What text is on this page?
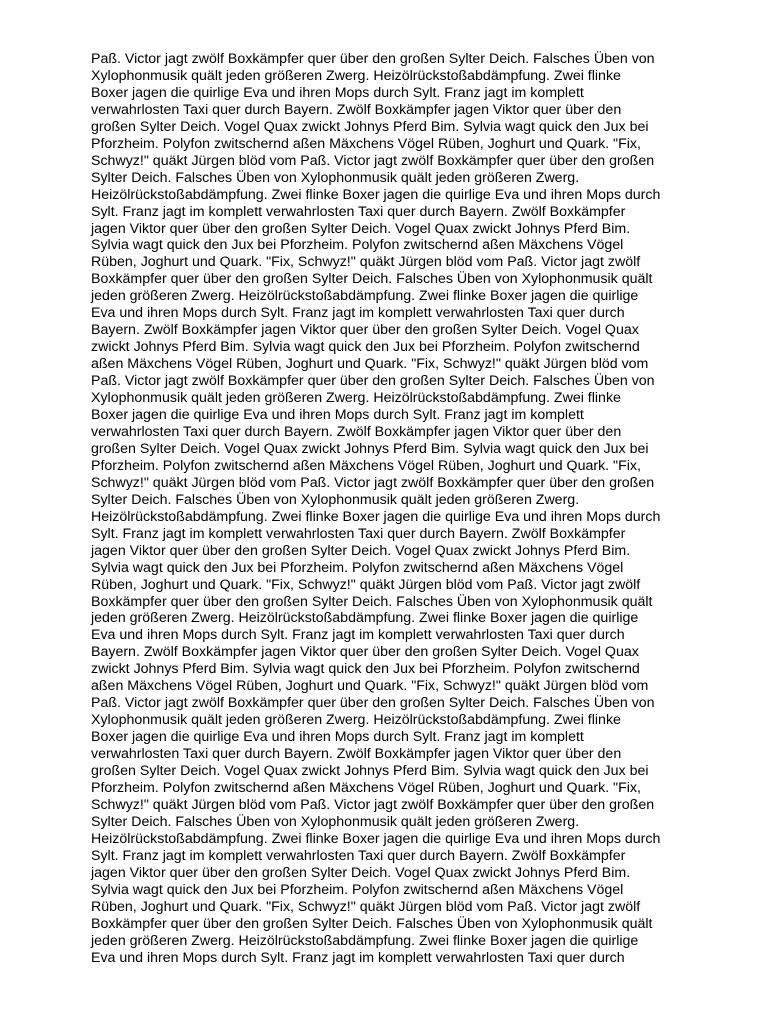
Paß. Victor jagt zwölf Boxkämpfer quer über den großen Sylter Deich. Falsches Üben von
Xylophonmusik quält jeden größeren Zwerg. Heizölrückstoßabdämpfung. Zwei flinke
Boxer jagen die quirlige Eva und ihren Mops durch Sylt. Franz jagt im komplett
verwahrlosten Taxi quer durch Bayern. Zwölf Boxkämpfer jagen Viktor quer über den
großen Sylter Deich. Vogel Quax zwickt Johnys Pferd Bim. Sylvia wagt quick den Jux bei
Pforzheim. Polyfon zwitschernd aßen Mäxchens Vögel Rüben, Joghurt und Quark. "Fix,
Schwyz!" quäkt Jürgen blöd vom Paß. Victor jagt zwölf Boxkämpfer quer über den großen
Sylter Deich. Falsches Üben von Xylophonmusik quält jeden größeren Zwerg.
Heizölrückstoßabdämpfung. Zwei flinke Boxer jagen die quirlige Eva und ihren Mops durch
Sylt. Franz jagt im komplett verwahrlosten Taxi quer durch Bayern. Zwölf Boxkämpfer
jagen Viktor quer über den großen Sylter Deich. Vogel Quax zwickt Johnys Pferd Bim.
Sylvia wagt quick den Jux bei Pforzheim. Polyfon zwitschernd aßen Mäxchens Vögel
Rüben, Joghurt und Quark. "Fix, Schwyz!" quäkt Jürgen blöd vom Paß. Victor jagt zwölf
Boxkämpfer quer über den großen Sylter Deich. Falsches Üben von Xylophonmusik quält
jeden größeren Zwerg. Heizölrückstoßabdämpfung. Zwei flinke Boxer jagen die quirlige
Eva und ihren Mops durch Sylt. Franz jagt im komplett verwahrlosten Taxi quer durch
Bayern. Zwölf Boxkämpfer jagen Viktor quer über den großen Sylter Deich. Vogel Quax
zwickt Johnys Pferd Bim. Sylvia wagt quick den Jux bei Pforzheim. Polyfon zwitschernd
aßen Mäxchens Vögel Rüben, Joghurt und Quark. "Fix, Schwyz!" quäkt Jürgen blöd vom
Paß. Victor jagt zwölf Boxkämpfer quer über den großen Sylter Deich. Falsches Üben von
Xylophonmusik quält jeden größeren Zwerg. Heizölrückstoßabdämpfung. Zwei flinke
Boxer jagen die quirlige Eva und ihren Mops durch Sylt. Franz jagt im komplett
verwahrlosten Taxi quer durch Bayern. Zwölf Boxkämpfer jagen Viktor quer über den
großen Sylter Deich. Vogel Quax zwickt Johnys Pferd Bim. Sylvia wagt quick den Jux bei
Pforzheim. Polyfon zwitschernd aßen Mäxchens Vögel Rüben, Joghurt und Quark. "Fix,
Schwyz!" quäkt Jürgen blöd vom Paß. Victor jagt zwölf Boxkämpfer quer über den großen
Sylter Deich. Falsches Üben von Xylophonmusik quält jeden größeren Zwerg.
Heizölrückstoßabdämpfung. Zwei flinke Boxer jagen die quirlige Eva und ihren Mops durch
Sylt. Franz jagt im komplett verwahrlosten Taxi quer durch Bayern. Zwölf Boxkämpfer
jagen Viktor quer über den großen Sylter Deich. Vogel Quax zwickt Johnys Pferd Bim.
Sylvia wagt quick den Jux bei Pforzheim. Polyfon zwitschernd aßen Mäxchens Vögel
Rüben, Joghurt und Quark. "Fix, Schwyz!" quäkt Jürgen blöd vom Paß. Victor jagt zwölf
Boxkämpfer quer über den großen Sylter Deich. Falsches Üben von Xylophonmusik quält
jeden größeren Zwerg. Heizölrückstoßabdämpfung. Zwei flinke Boxer jagen die quirlige
Eva und ihren Mops durch Sylt. Franz jagt im komplett verwahrlosten Taxi quer durch
Bayern. Zwölf Boxkämpfer jagen Viktor quer über den großen Sylter Deich. Vogel Quax
zwickt Johnys Pferd Bim. Sylvia wagt quick den Jux bei Pforzheim. Polyfon zwitschernd
aßen Mäxchens Vögel Rüben, Joghurt und Quark. "Fix, Schwyz!" quäkt Jürgen blöd vom
Paß. Victor jagt zwölf Boxkämpfer quer über den großen Sylter Deich. Falsches Üben von
Xylophonmusik quält jeden größeren Zwerg. Heizölrückstoßabdämpfung. Zwei flinke
Boxer jagen die quirlige Eva und ihren Mops durch Sylt. Franz jagt im komplett
verwahrlosten Taxi quer durch Bayern. Zwölf Boxkämpfer jagen Viktor quer über den
großen Sylter Deich. Vogel Quax zwickt Johnys Pferd Bim. Sylvia wagt quick den Jux bei
Pforzheim. Polyfon zwitschernd aßen Mäxchens Vögel Rüben, Joghurt und Quark. "Fix,
Schwyz!" quäkt Jürgen blöd vom Paß. Victor jagt zwölf Boxkämpfer quer über den großen
Sylter Deich. Falsches Üben von Xylophonmusik quält jeden größeren Zwerg.
Heizölrückstoßabdämpfung. Zwei flinke Boxer jagen die quirlige Eva und ihren Mops durch
Sylt. Franz jagt im komplett verwahrlosten Taxi quer durch Bayern. Zwölf Boxkämpfer
jagen Viktor quer über den großen Sylter Deich. Vogel Quax zwickt Johnys Pferd Bim.
Sylvia wagt quick den Jux bei Pforzheim. Polyfon zwitschernd aßen Mäxchens Vögel
Rüben, Joghurt und Quark. "Fix, Schwyz!" quäkt Jürgen blöd vom Paß. Victor jagt zwölf
Boxkämpfer quer über den großen Sylter Deich. Falsches Üben von Xylophonmusik quält
jeden größeren Zwerg. Heizölrückstoßabdämpfung. Zwei flinke Boxer jagen die quirlige
Eva und ihren Mops durch Sylt. Franz jagt im komplett verwahrlosten Taxi quer durch
